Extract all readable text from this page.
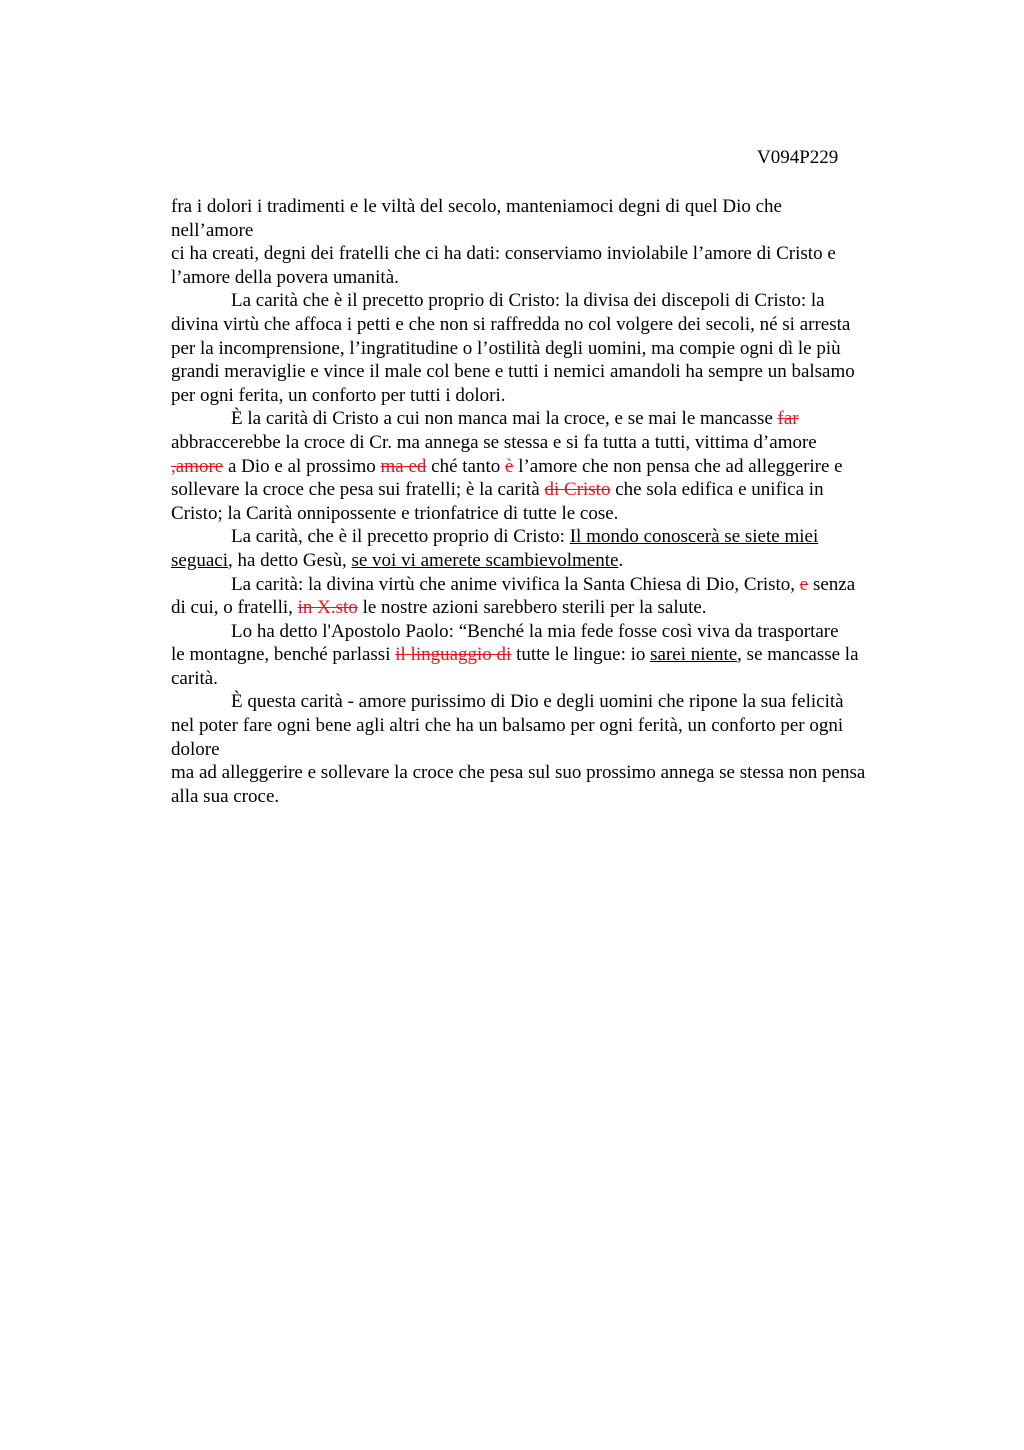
V094P229
fra i dolori i tradimenti e le viltà del secolo, manteniamoci degni di quel Dio che
nell’amore
ci ha creati, degni dei fratelli che ci ha dati: conserviamo inviolabile l’amore di Cristo e
l’amore della povera umanità.
La carità che è il precetto proprio di Cristo: la divisa dei discepoli di Cristo: la
divina virtù che affoca i petti e che non si raffredda no col volgere dei secoli, né si arresta
per la incomprensione, l’ingratitudine o l’ostilità degli uomini, ma compie ogni dì le più
grandi meraviglie e vince il male col bene e tutti i nemici amandoli ha sempre un balsamo
per ogni ferita, un conforto per tutti i dolori.
È la carità di Cristo a cui non manca mai la croce, e se mai le mancasse far
abbraccerebbe la croce di Cr. ma annega se stessa e si fa tutta a tutti, vittima d’amore
,amore a Dio e al prossimo ma ed ché tanto è l’amore che non pensa che ad alleggerire e
sollevare la croce che pesa sui fratelli; è la carità di Cristo che sola edifica e unifica in
Cristo; la Carità onnipossente e trionfatrice di tutte le cose.
La carità, che è il precetto proprio di Cristo: Il mondo conoscerà se siete miei
seguaci, ha detto Gesù, se voi vi amerete scambievolmente.
La carità: la divina virtù che anime vivifica la Santa Chiesa di Dio, Cristo, e senza
di cui, o fratelli, in X.sto le nostre azioni sarebbero sterili per la salute.
Lo ha detto l'Apostolo Paolo: “Benché la mia fede fosse così viva da trasportare
le montagne, benché parlassi il linguaggio di tutte le lingue: io sarei niente, se mancasse la
carità.
È questa carità - amore purissimo di Dio e degli uomini che ripone la sua felicità
nel poter fare ogni bene agli altri che ha un balsamo per ogni ferità, un conforto per ogni
dolore
ma ad alleggerire e sollevare la croce che pesa sul suo prossimo annega se stessa non pensa
alla sua croce.
